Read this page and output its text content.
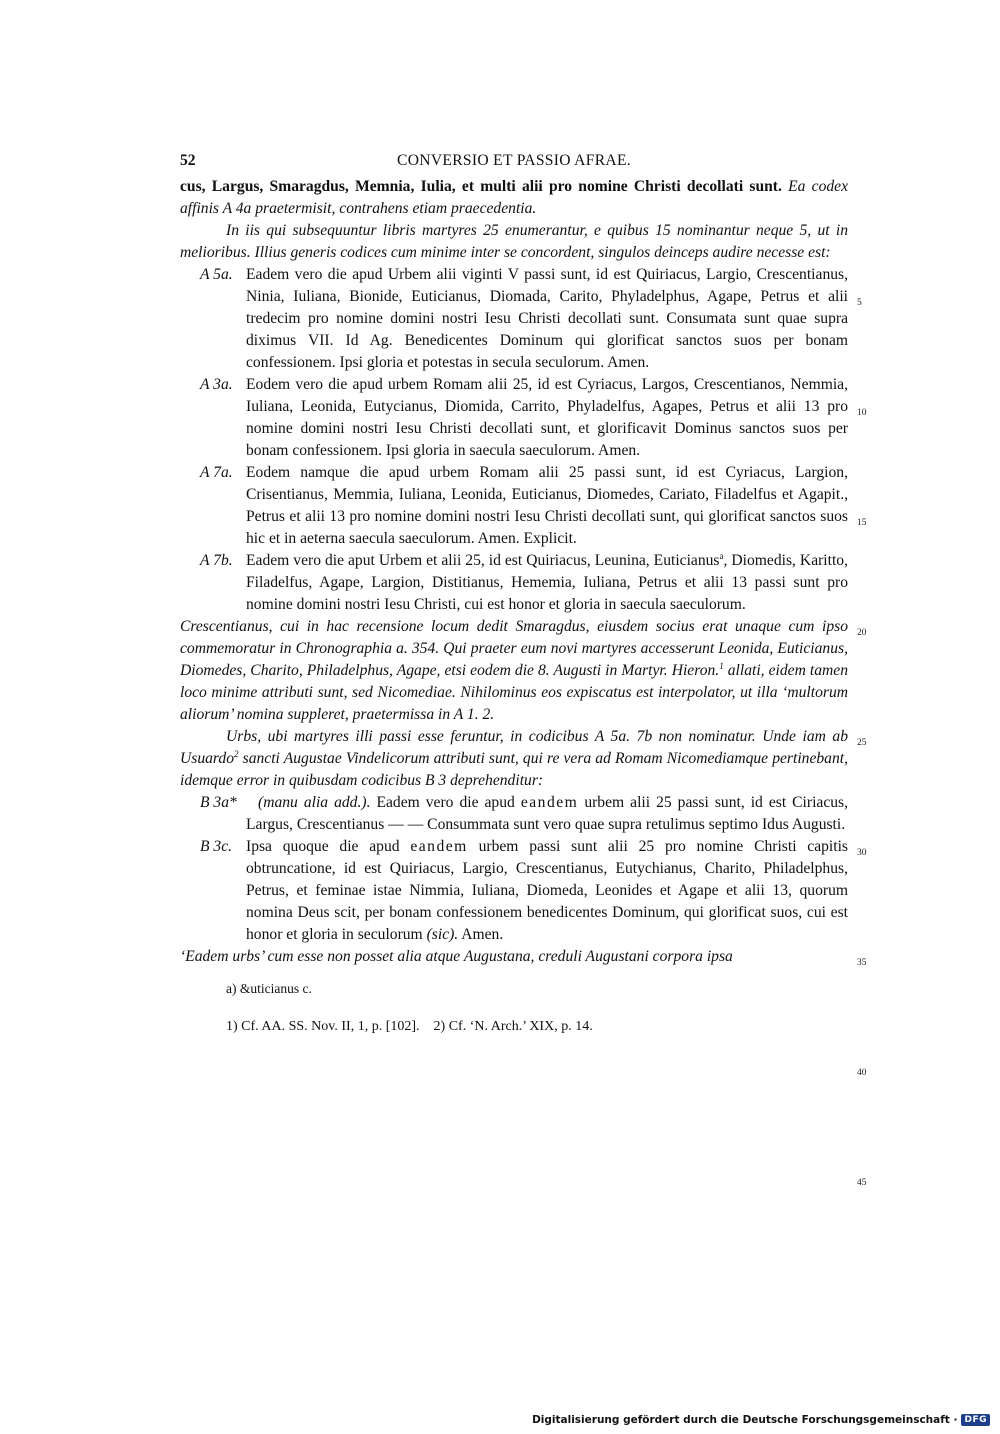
52	CONVERSIO ET PASSIO AFRAE.

cus, Largus, Smaragdus, Memnia, Iulia, et multi alii pro nomine Christi decollati sunt. Ea codex affinis A 4a praetermisit, contrahens etiam praecedentia.

In iis qui subsequuntur libris martyres 25 enumerantur, e quibus 15 nominantur neque 5, ut in melioribus. Illius generis codices cum minime inter se concordent, singulos deinceps audire necesse est:

A 5a. Eadem vero die apud Urbem alii viginti V passi sunt, id est Quiriacus, Largio, Crescentianus, Ninia, Iuliana, Bionide, Euticianus, Diomada, Carito, Phyladelphus, Agape, Petrus et alii tredecim pro nomine domini nostri Iesu Christi decollati sunt. Consumata sunt quae supra diximus VII. Id Ag. Benedicentes Dominum qui glorificat sanctos suos per bonam confessionem. Ipsi gloria et potestas in secula seculorum. Amen.

A 3a. Eodem vero die apud urbem Romam alii 25, id est Cyriacus, Largos, Crescentianos, Nemmia, Iuliana, Leonida, Eutycianus, Diomida, Carrito, Phyladelfus, Agapes, Petrus et alii 13 pro nomine domini nostri Iesu Christi decollati sunt, et glorificavit Dominus sanctos suos per bonam confessionem. Ipsi gloria in saecula saeculorum. Amen.

A 7a. Eodem namque die apud urbem Romam alii 25 passi sunt, id est Cyriacus, Largion, Crisentianus, Memmia, Iuliana, Leonida, Euticianus, Diomedes, Cariato, Filadelfus et Agapit., Petrus et alii 13 pro nomine domini nostri Iesu Christi decollati sunt, qui glorificat sanctos suos hic et in aeterna saecula saeculorum. Amen. Explicit.

A 7b. Eadem vero die aput Urbem et alii 25, id est Quiriacus, Leunina, Euticianus$^a$, Diomedis, Karitto, Filadelfus, Agape, Largion, Distitianus, Hememia, Iuliana, Petrus et alii 13 passi sunt pro nomine domini nostri Iesu Christi, cui est honor et gloria in saecula saeculorum.

Crescentianus, cui in hac recensione locum dedit Smaragdus, eiusdem socius erat unaque cum ipso commemoratur in Chronographia a. 354. Qui praeter eum novi martyres accesserunt Leonida, Euticianus, Diomedes, Charito, Philadelphus, Agape, etsi eodem die 8. Augusti in Martyr. Hieron.$^1$ allati, eidem tamen loco minime attributi sunt, sed Nicomediae. Nihilominus eos expiscatus est interpolator, ut illa ‘multorum aliorum’ nomina suppleret, praetermissa in A 1. 2.

Urbs, ubi martyres illi passi esse feruntur, in codicibus A 5a. 7b non nominatur. Unde iam ab Usuardo$^2$ sancti Augustae Vindelicorum attributi sunt, qui re vera ad Romam Nicomediamque pertinebant, idemque error in quibusdam codicibus B 3 deprehenditur:

B 3a*	(manu alia add.). Eadem vero die apud eandem urbem alii 25 passi sunt, id est Ciriacus, Largus, Crescentianus — — Consummata sunt vero quae supra retulimus septimo Idus Augusti.

B 3c. Ipsa quoque die apud eandem urbem passi sunt alii 25 pro nomine Christi capitis obtruncatione, id est Quiriacus, Largio, Crescentianus, Eutychianus, Charito, Philadelphus, Petrus, et feminae istae Nimmia, Iuliana, Diomeda, Leonides et Agape et alii 13, quorum nomina Deus scit, per bonam confessionem benedicentes Dominum, qui glorificat suos, cui est honor et gloria in seculorum (sic). Amen.

‘Eadem urbs’ cum esse non posset alia atque Augustana, creduli Augustani corpora ipsa

a) &uticianus c.

1) Cf. AA. SS. Nov. II, 1, p. [102]. 2) Cf. ‘N. Arch.’ XIX, p. 14.

5
10
15
20
25
30
35
40
45
Digitalisierung gefördert durch die Deutsche Forschungsgemeinschaft · DFG
